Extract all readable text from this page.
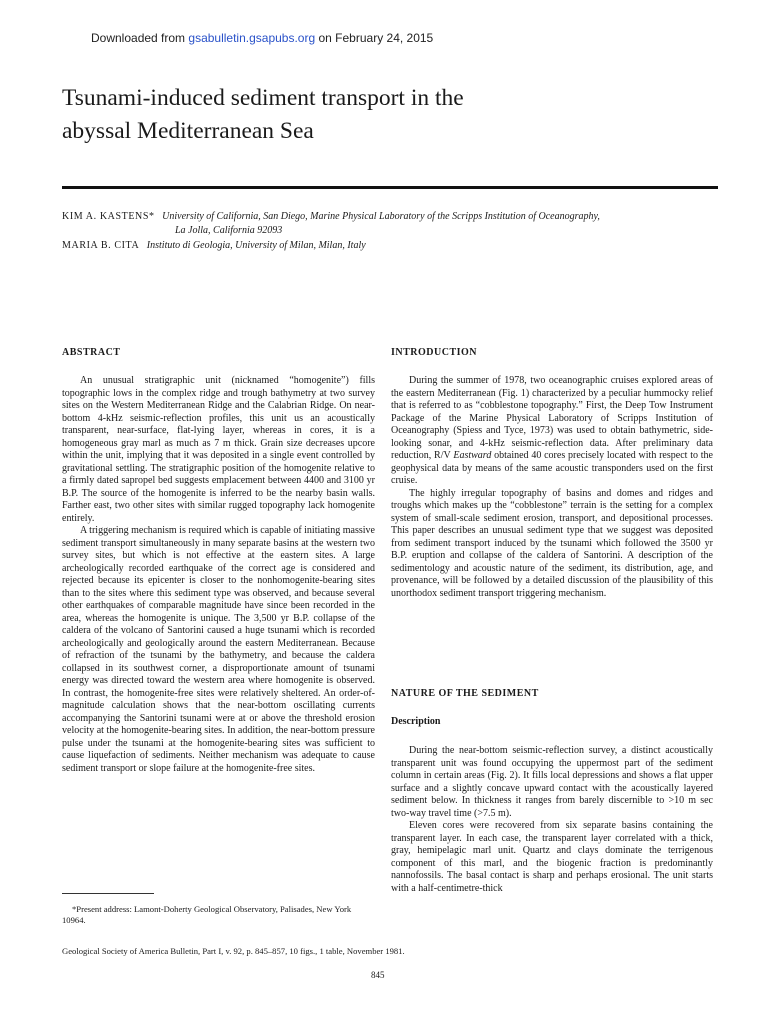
Downloaded from gsabulletin.gsapubs.org on February 24, 2015
Tsunami-induced sediment transport in the
abyssal Mediterranean Sea
KIM A. KASTENS* University of California, San Diego, Marine Physical Laboratory of the Scripps Institution of Oceanography,
La Jolla, California 92093
MARIA B. CITA Instituto di Geologia, University of Milan, Milan, Italy
ABSTRACT

An unusual stratigraphic unit (nicknamed “homogenite”) fills topographic lows in the complex ridge and trough bathymetry at two survey sites on the Western Mediterranean Ridge and the Calabrian Ridge. On near-bottom 4-kHz seismic-reflection profiles, this unit us an acoustically transparent, near-surface, flat-lying layer, whereas in cores, it is a homogeneous gray marl as much as 7 m thick. Grain size decreases upcore within the unit, implying that it was deposited in a single event controlled by gravitational settling. The stratigraphic position of the homogenite relative to a firmly dated sapropel bed suggests emplacement between 4400 and 3100 yr B.P. The source of the homogenite is inferred to be the nearby basin walls. Farther east, two other sites with similar rugged topography lack homogenite entirely.

A triggering mechanism is required which is capable of initiating massive sediment transport simultaneously in many separate basins at the western two survey sites, but which is not effective at the eastern sites. A large archeologically recorded earthquake of the correct age is considered and rejected because its epicenter is closer to the nonhomogenite-bearing sites than to the sites where this sediment type was observed, and because several other earthquakes of comparable magnitude have since been recorded in the area, whereas the homogenite is unique. The 3,500 yr B.P. collapse of the caldera of the volcano of Santorini caused a huge tsunami which is recorded archeologically and geologically around the eastern Mediterranean. Because of refraction of the tsunami by the bathymetry, and because the caldera collapsed in its southwest corner, a disproportionate amount of tsunami energy was directed toward the western area where homogenite is observed. In contrast, the homogenite-free sites were relatively sheltered. An order-of-magnitude calculation shows that the near-bottom oscillating currents accompanying the Santorini tsunami were at or above the threshold erosion velocity at the homogenite-bearing sites. In addition, the near-bottom pressure pulse under the tsunami at the homogenite-bearing sites was sufficient to cause liquefaction of sediments. Neither mechanism was adequate to cause sediment transport or slope failure at the homogenite-free sites.

INTRODUCTION

During the summer of 1978, two oceanographic cruises explored areas of the eastern Mediterranean (Fig. 1) characterized by a peculiar hummocky relief that is referred to as “cobblestone topography.” First, the Deep Tow Instrument Package of the Marine Physical Laboratory of Scripps Institution of Oceanography (Spiess and Tyce, 1973) was used to obtain bathymetric, side-looking sonar, and 4-kHz seismic-reflection data. After preliminary data reduction, R/V Eastward obtained 40 cores precisely located with respect to the geophysical data by means of the same acoustic transponders used on the first cruise.

The highly irregular topography of basins and domes and ridges and troughs which makes up the “cobblestone” terrain is the setting for a complex system of small-scale sediment erosion, transport, and depositional processes. This paper describes an unusual sediment type that we suggest was deposited from sediment transport induced by the tsunami which followed the 3500 yr B.P. eruption and collapse of the caldera of Santorini. A description of the sedimentology and acoustic nature of the sediment, its distribution, age, and provenance, will be followed by a detailed discussion of the plausibility of this unorthodox sediment transport triggering mechanism.

NATURE OF THE SEDIMENT
Description

During the near-bottom seismic-reflection survey, a distinct acoustically transparent unit was found occupying the uppermost part of the sediment column in certain areas (Fig. 2). It fills local depressions and shows a flat upper surface and a slightly concave upward contact with the acoustically layered sediment below. In thickness it ranges from barely discernible to >10 m sec two-way travel time (>7.5 m).

Eleven cores were recovered from six separate basins containing the transparent layer. In each case, the transparent layer correlated with a thick, gray, hemipelagic marl unit. Quartz and clays dominate the terrigenous component of this marl, and the biogenic fraction is predominantly nannofossils. The basal contact is sharp and perhaps erosional. The unit starts with a half-centimetre-thick

*Present address: Lamont-Doherty Geological Observatory, Palisades, New York 10964.

Geological Society of America Bulletin, Part I, v. 92, p. 845–857, 10 figs., 1 table, November 1981.
845
